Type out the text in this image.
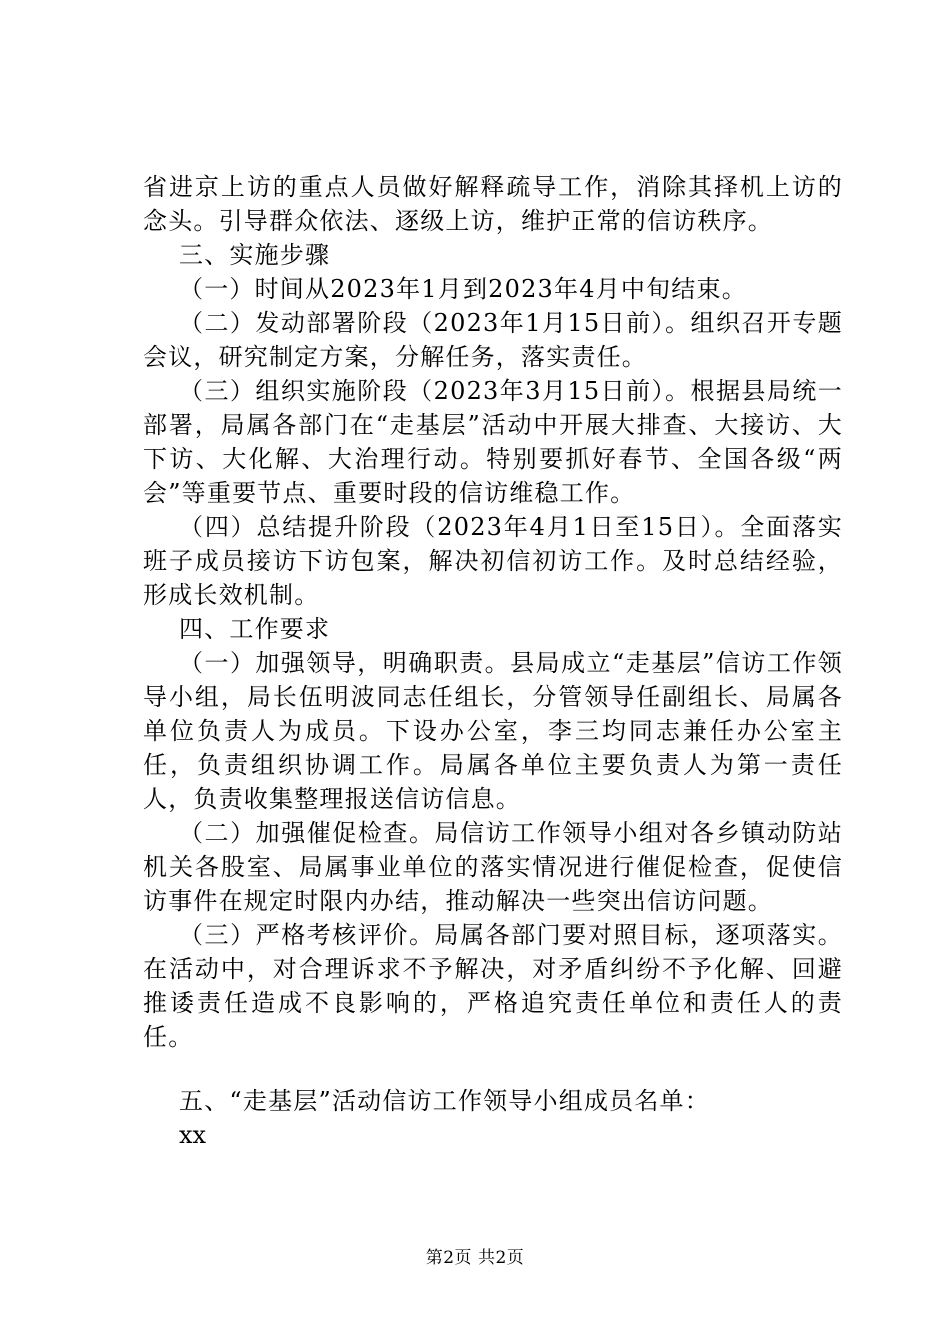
省进京上访的重点人员做好解释疏导工作，消除其择机上访的念头。引导群众依法、逐级上访，维护正常的信访秩序。

三、实施步骤

（一）时间从2023年1月到2023年4月中旬结束。

（二）发动部署阶段（2023年1月15日前）。组织召开专题会议，研究制定方案，分解任务，落实责任。

（三）组织实施阶段（2023年3月15日前）。根据县局统一部署，局属各部门在“走基层”活动中开展大排查、大接访、大下访、大化解、大治理行动。特别要抓好春节、全国各级“两会”等重要节点、重要时段的信访维稳工作。

（四）总结提升阶段（2023年4月1日至15日）。全面落实班子成员接访下访包案，解决初信初访工作。及时总结经验，形成长效机制。

四、工作要求

（一）加强领导，明确职责。县局成立“走基层”信访工作领导小组，局长伍明波同志任组长，分管领导任副组长、局属各单位负责人为成员。下设办公室，李三均同志兼任办公室主任，负责组织协调工作。局属各单位主要负责人为第一责任人，负责收集整理报送信访信息。

（二）加强催促检查。局信访工作领导小组对各乡镇动防站机关各股室、局属事业单位的落实情况进行催促检查，促使信访事件在规定时限内办结，推动解决一些突出信访问题。

（三）严格考核评价。局属各部门要对照目标，逐项落实。在活动中，对合理诉求不予解决，对矛盾纠纷不予化解、回避推诿责任造成不良影响的，严格追究责任单位和责任人的责任。

五、“走基层”活动信访工作领导小组成员名单：

xx

第2页 共2页
